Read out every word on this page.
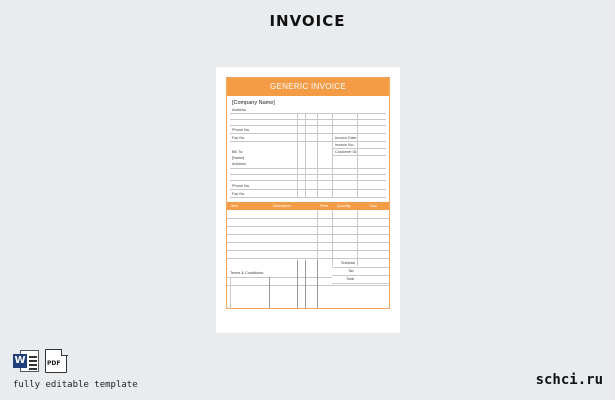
INVOICE
GENERIC INVOICE
[Company Name]
Address
Phone No.
Fax No.	Invoice Date:
Invoice No.:
Customer ID:
Bill To:
[Name]
Address
Phone No.
Fax No.
Item	Description	Price Quantity	Total
Subtotal
Tax
Total
Terms & Conditions:
W	PDF
fully editable template	schci.ru
